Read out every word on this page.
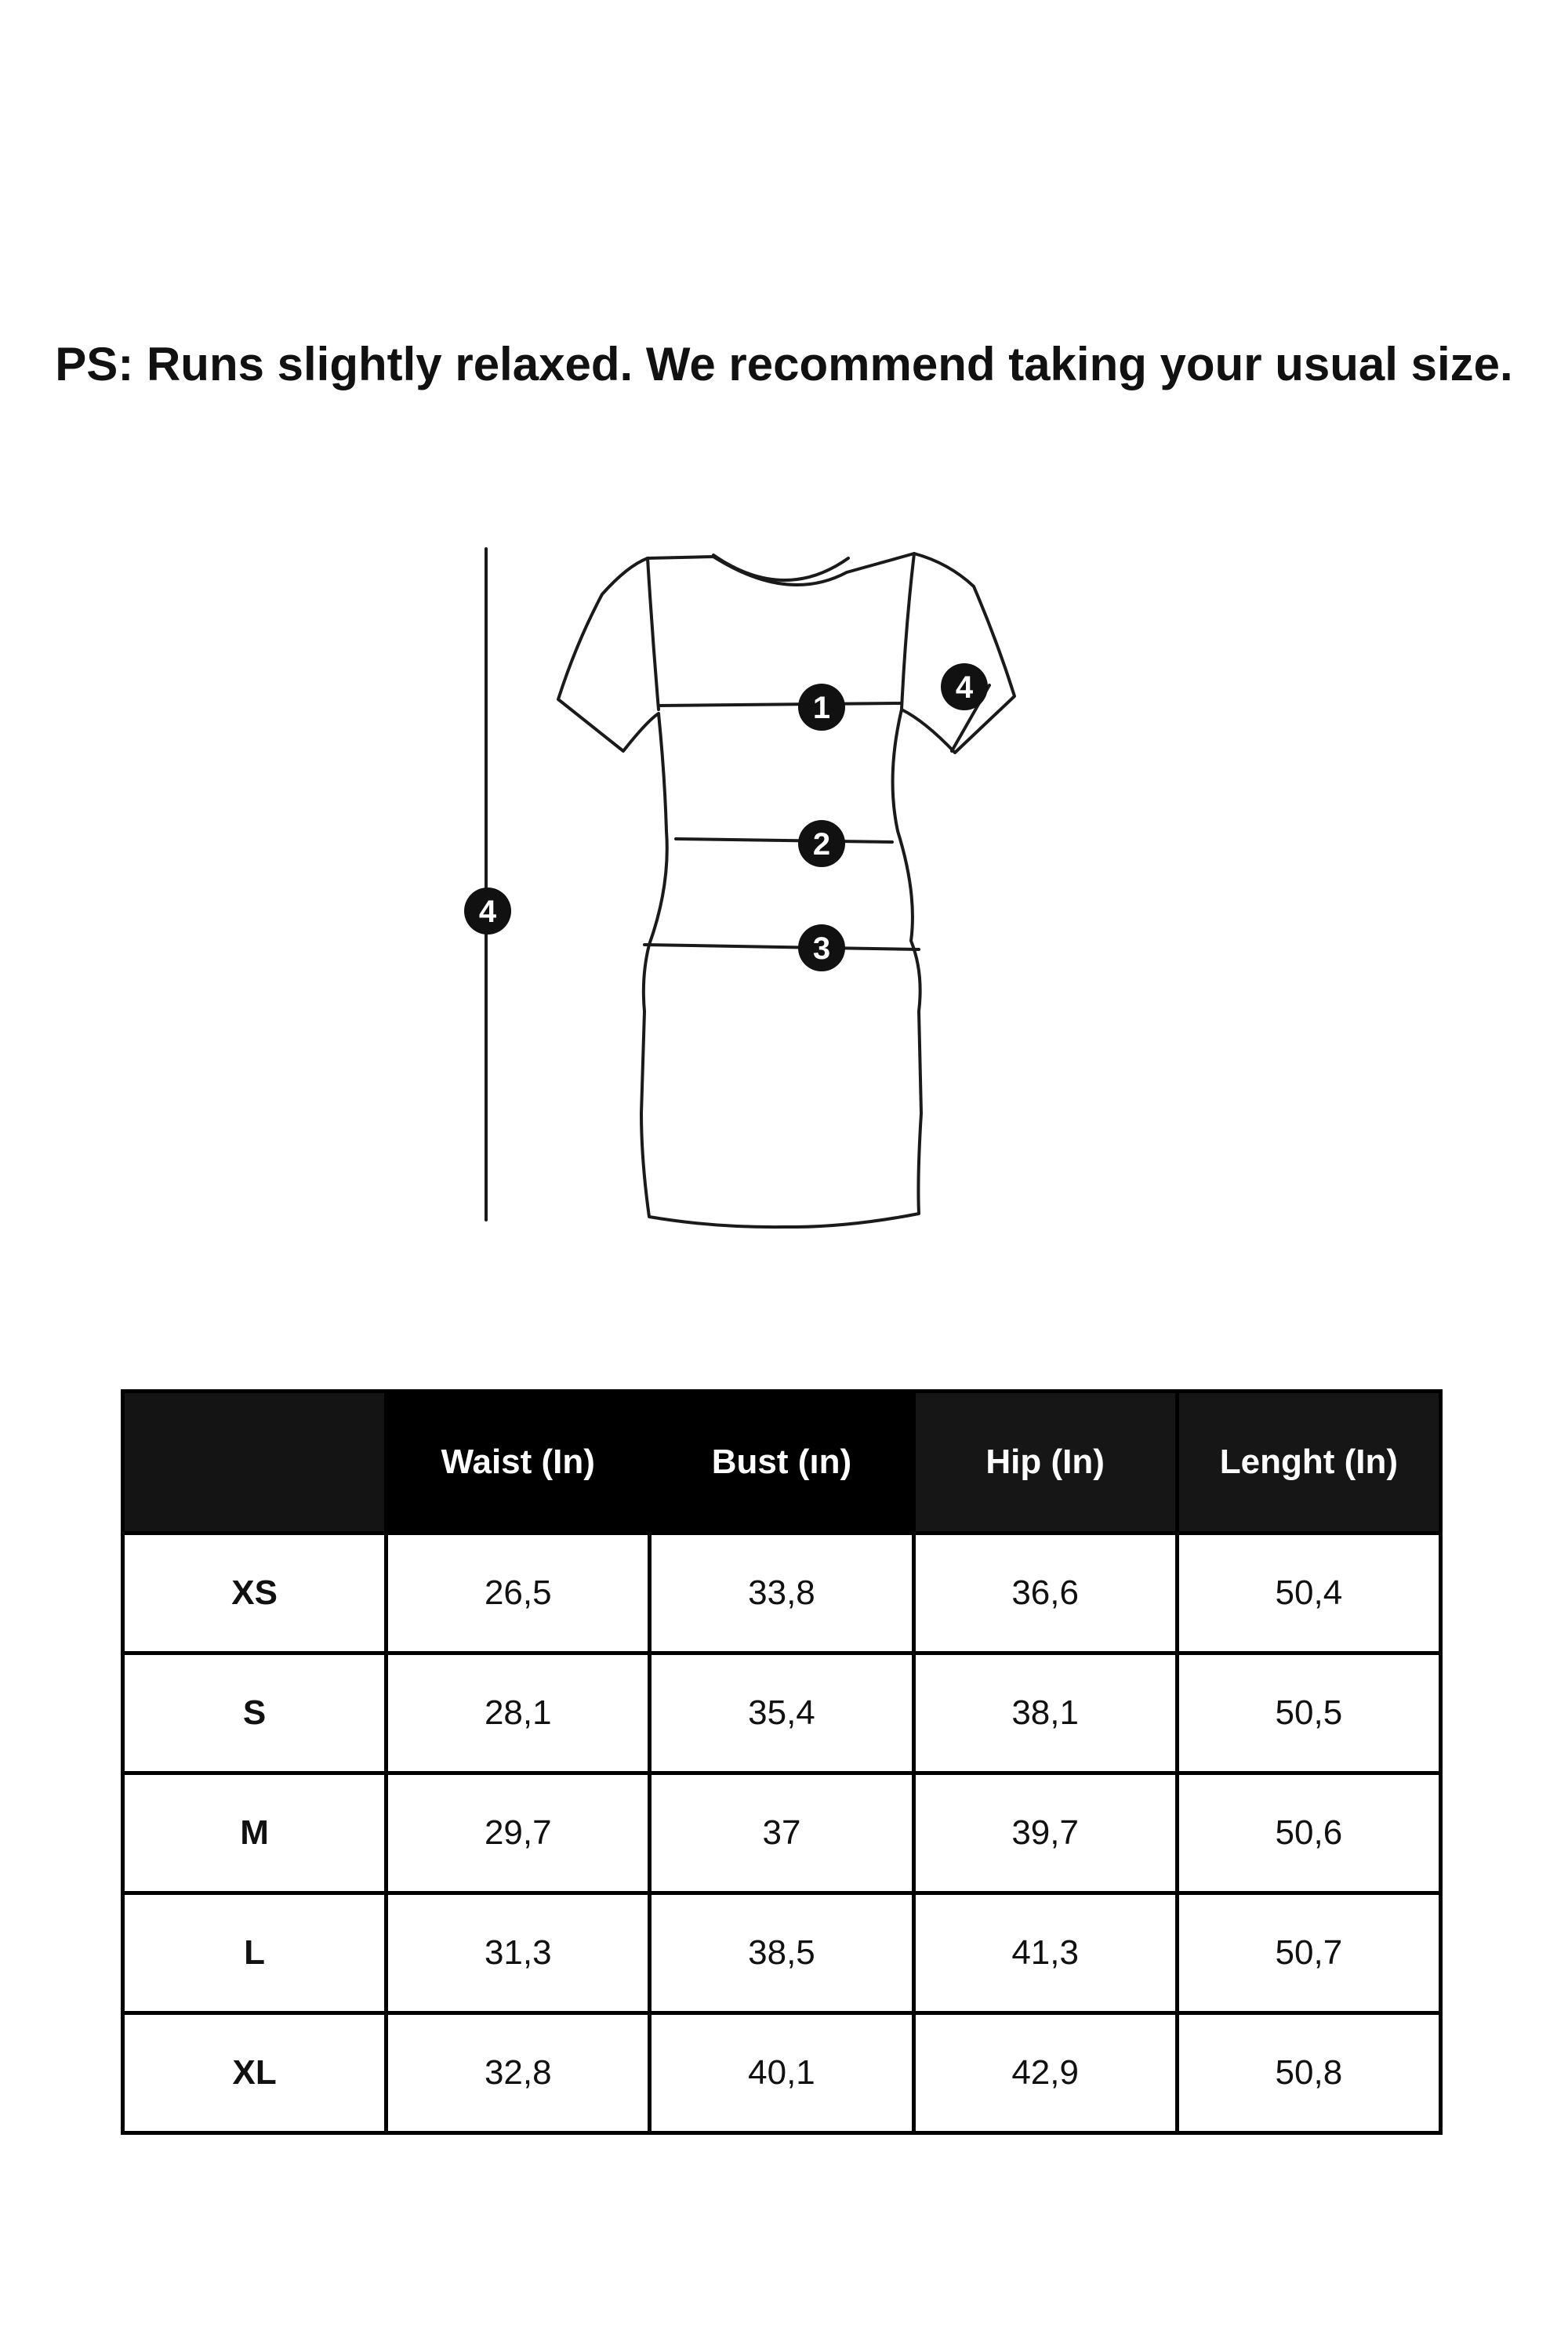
PS: Runs slightly relaxed. We recommend taking your usual size.
1
2
3
4
4
	Waist (In)	Bust (ın)	Hip (In)	Lenght (In)
XS	26,5	33,8	36,6	50,4
S	28,1	35,4	38,1	50,5
M	29,7	37	39,7	50,6
L	31,3	38,5	41,3	50,7
XL	32,8	40,1	42,9	50,8
